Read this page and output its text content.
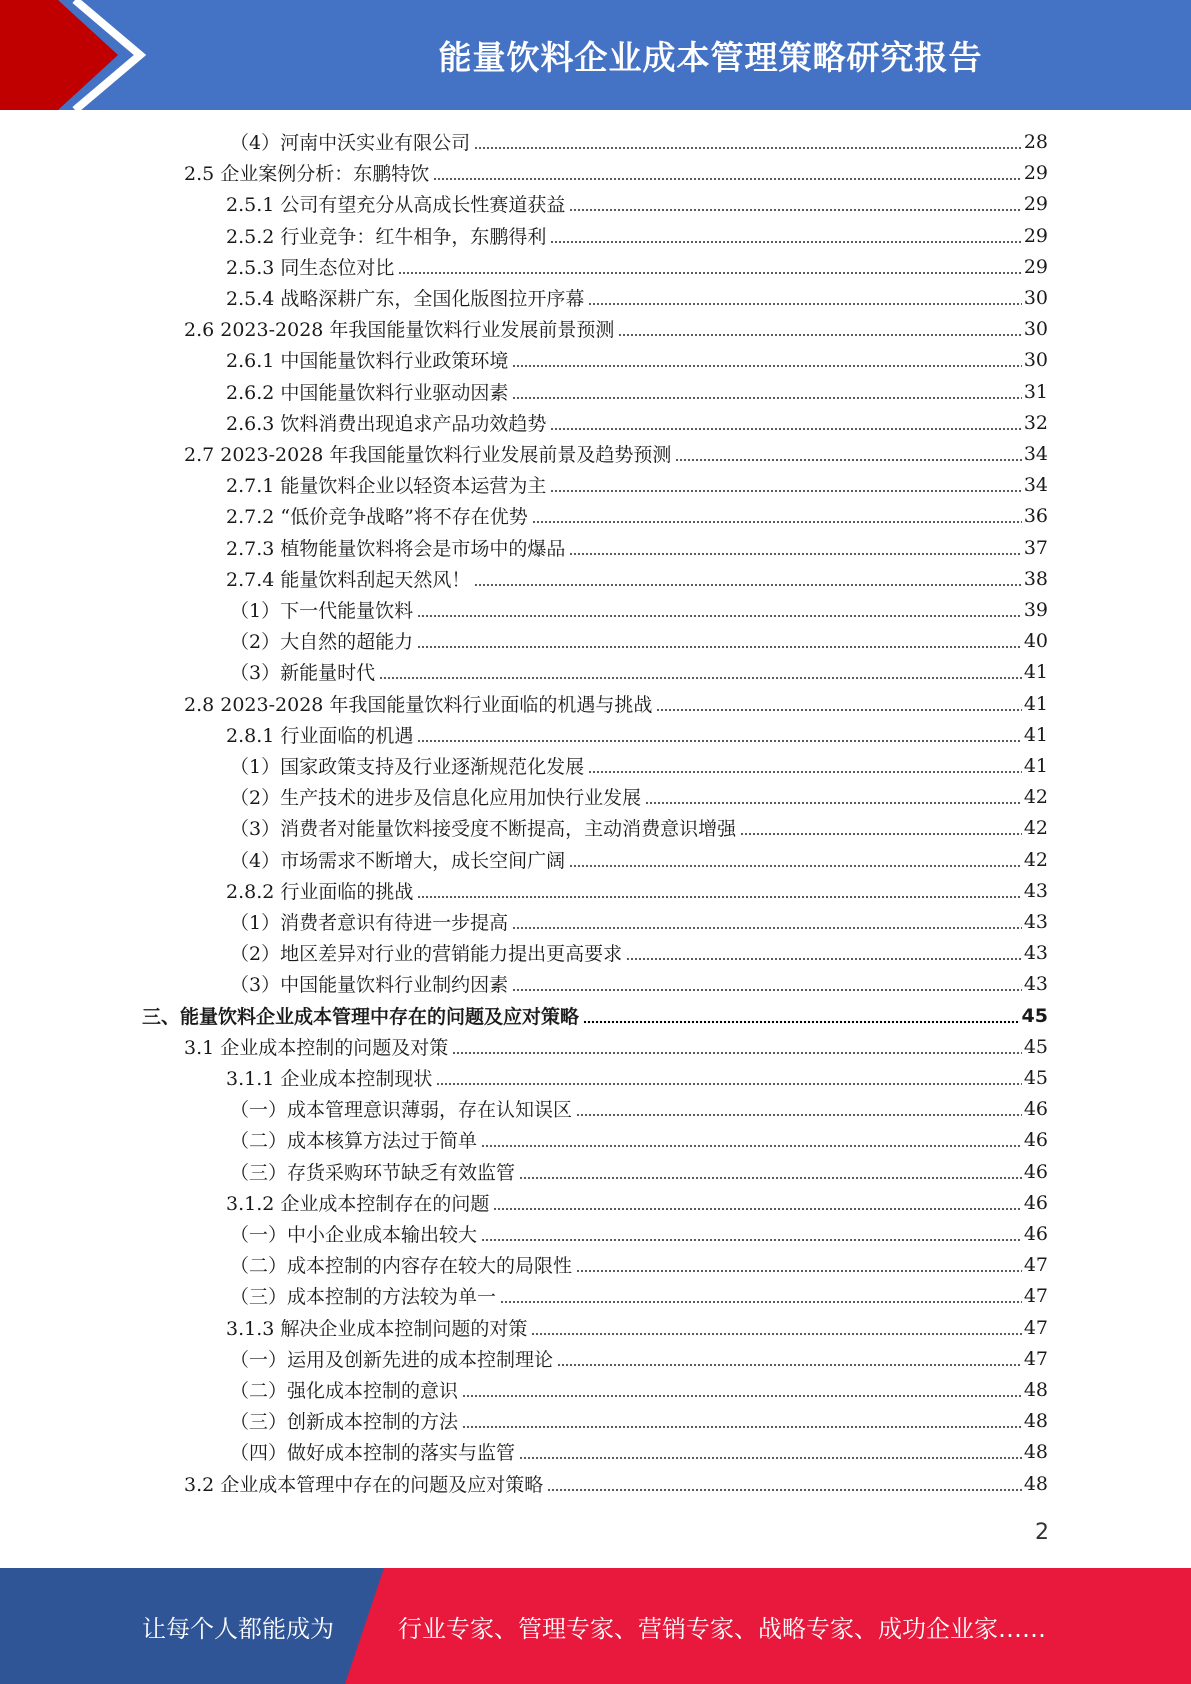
能量饮料企业成本管理策略研究报告
（4）河南中沃实业有限公司	28
2.5 企业案例分析：东鹏特饮	29
2.5.1 公司有望充分从高成长性赛道获益	29
2.5.2 行业竞争：红牛相争，东鹏得利	29
2.5.3 同生态位对比	29
2.5.4 战略深耕广东，全国化版图拉开序幕	30
2.6 2023-2028 年我国能量饮料行业发展前景预测	30
2.6.1 中国能量饮料行业政策环境	30
2.6.2 中国能量饮料行业驱动因素	31
2.6.3 饮料消费出现追求产品功效趋势	32
2.7 2023-2028 年我国能量饮料行业发展前景及趋势预测	34
2.7.1 能量饮料企业以轻资本运营为主	34
2.7.2 “低价竞争战略”将不存在优势	36
2.7.3 植物能量饮料将会是市场中的爆品	37
2.7.4 能量饮料刮起天然风！	38
（1）下一代能量饮料	39
（2）大自然的超能力	40
（3）新能量时代	41
2.8 2023-2028 年我国能量饮料行业面临的机遇与挑战	41
2.8.1 行业面临的机遇	41
（1）国家政策支持及行业逐渐规范化发展	41
（2）生产技术的进步及信息化应用加快行业发展	42
（3）消费者对能量饮料接受度不断提高，主动消费意识增强	42
（4）市场需求不断增大，成长空间广阔	42
2.8.2 行业面临的挑战	43
（1）消费者意识有待进一步提高	43
（2）地区差异对行业的营销能力提出更高要求	43
（3）中国能量饮料行业制约因素	43
三、能量饮料企业成本管理中存在的问题及应对策略	45
3.1 企业成本控制的问题及对策	45
3.1.1 企业成本控制现状	45
（一）成本管理意识薄弱，存在认知误区	46
（二）成本核算方法过于简单	46
（三）存货采购环节缺乏有效监管	46
3.1.2 企业成本控制存在的问题	46
（一）中小企业成本输出较大	46
（二）成本控制的内容存在较大的局限性	47
（三）成本控制的方法较为单一	47
3.1.3 解决企业成本控制问题的对策	47
（一）运用及创新先进的成本控制理论	47
（二）强化成本控制的意识	48
（三）创新成本控制的方法	48
（四）做好成本控制的落实与监管	48
3.2 企业成本管理中存在的问题及应对策略	48
2
让每个人都能成为	行业专家、管理专家、营销专家、战略专家、成功企业家……
